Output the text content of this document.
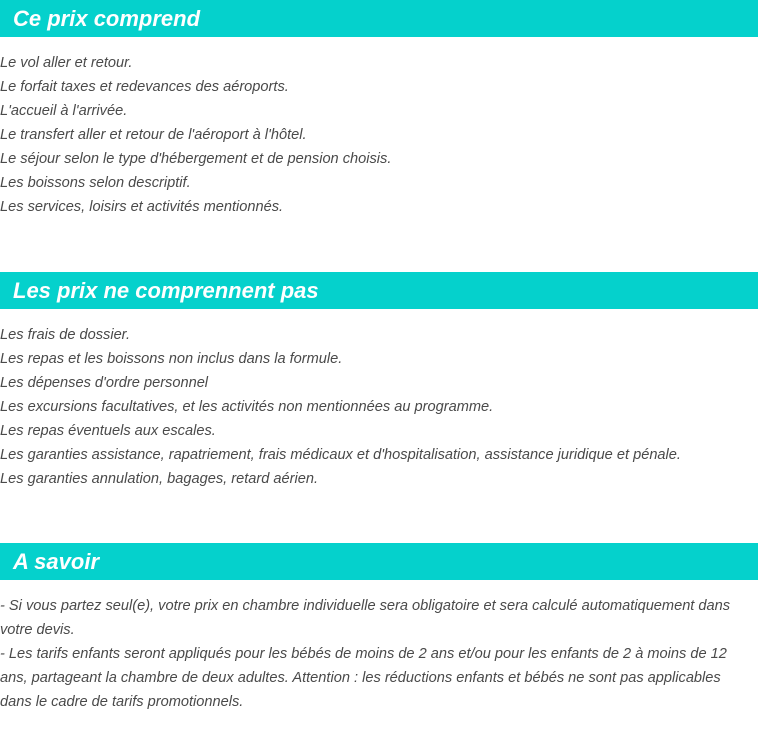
Ce prix comprend
Le vol aller et retour.
Le forfait taxes et redevances des aéroports.
L'accueil à l'arrivée.
Le transfert aller et retour de l'aéroport à l'hôtel.
Le séjour selon le type d'hébergement et de pension choisis.
Les boissons selon descriptif.
Les services, loisirs et activités mentionnés.
Les prix ne comprennent pas
Les frais de dossier.
Les repas et les boissons non inclus dans la formule.
Les dépenses d'ordre personnel
Les excursions facultatives, et les activités non mentionnées au programme.
Les repas éventuels aux escales.
Les garanties assistance, rapatriement, frais médicaux et d'hospitalisation, assistance juridique et pénale.
Les garanties annulation, bagages, retard aérien.
A savoir
- Si vous partez seul(e), votre prix en chambre individuelle sera obligatoire et sera calculé automatiquement dans votre devis.
- Les tarifs enfants seront appliqués pour les bébés de moins de 2 ans et/ou pour les enfants de 2 à moins de 12 ans, partageant la chambre de deux adultes. Attention : les réductions enfants et bébés ne sont pas applicables dans le cadre de tarifs promotionnels.
